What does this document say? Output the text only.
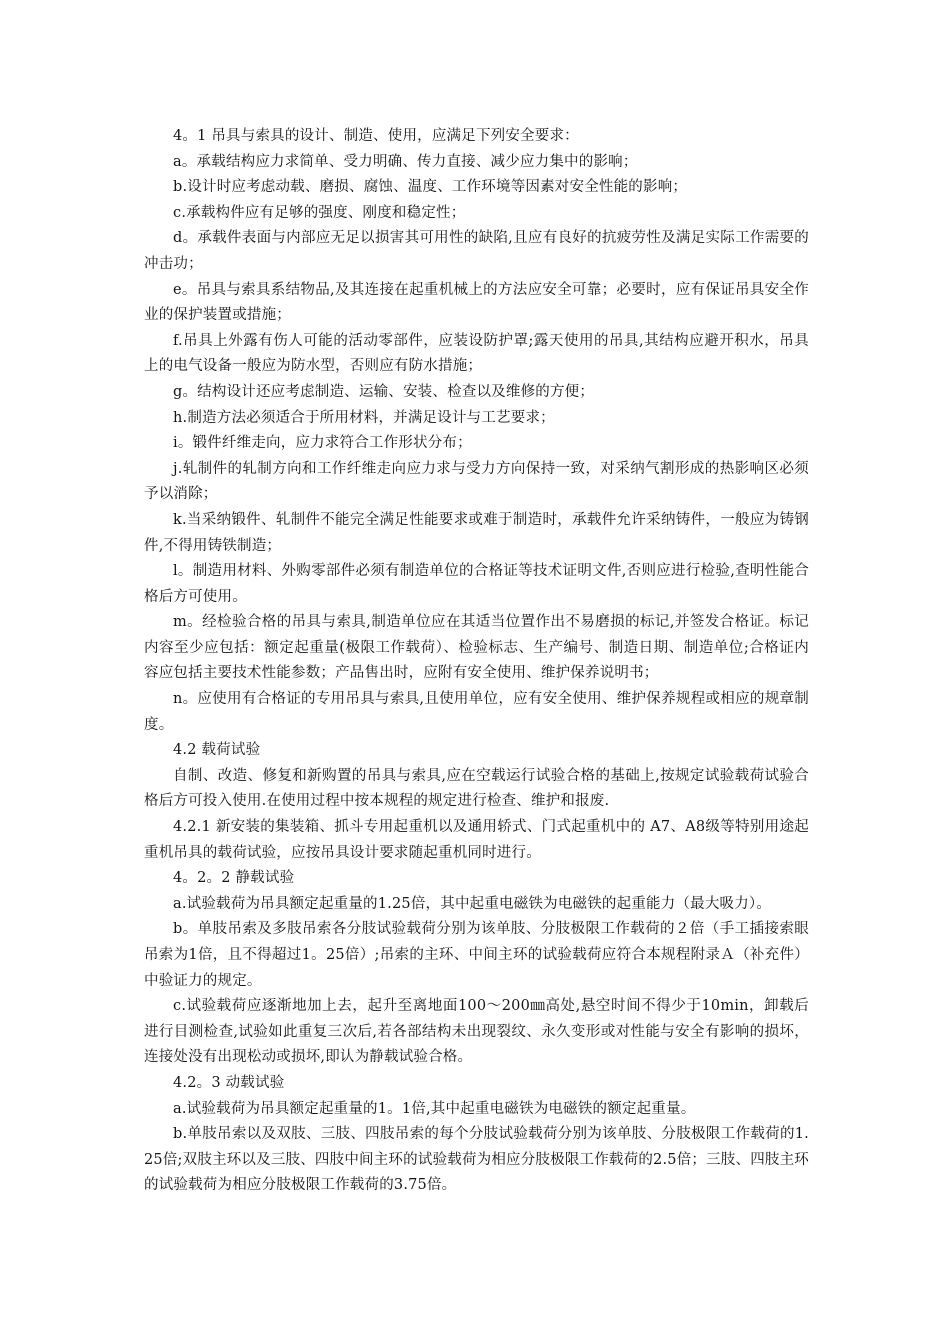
4。1 吊具与索具的设计、制造、使用，应满足下列安全要求：

a。承载结构应力求简单、受力明确、传力直接、减少应力集中的影响；

b.设计时应考虑动载、磨损、腐蚀、温度、工作环境等因素对安全性能的影响；

c.承载构件应有足够的强度、刚度和稳定性；

d。承载件表面与内部应无足以损害其可用性的缺陷,且应有良好的抗疲劳性及满足实际工作需要的冲击功；

e。吊具与索具系结物品,及其连接在起重机械上的方法应安全可靠；必要时，应有保证吊具安全作业的保护装置或措施；

f.吊具上外露有伤人可能的活动零部件，应装设防护罩;露天使用的吊具,其结构应避开积水，吊具上的电气设备一般应为防水型，否则应有防水措施；

g。结构设计还应考虑制造、运输、安装、检查以及维修的方便；

h.制造方法必须适合于所用材料，并满足设计与工艺要求；

i。锻件纤维走向，应力求符合工作形状分布；

j.轧制件的轧制方向和工作纤维走向应力求与受力方向保持一致，对采纳气割形成的热影响区必须予以消除；

k.当采纳锻件、轧制件不能完全满足性能要求或难于制造时，承载件允许采纳铸件，一般应为铸钢件,不得用铸铁制造；

l。制造用材料、外购零部件必须有制造单位的合格证等技术证明文件,否则应进行检验,查明性能合格后方可使用。

m。经检验合格的吊具与索具,制造单位应在其适当位置作出不易磨损的标记,并签发合格证。标记内容至少应包括：额定起重量(极限工作载荷）、检验标志、生产编号、制造日期、制造单位;合格证内容应包括主要技术性能参数；产品售出时，应附有安全使用、维护保养说明书；

n。应使用有合格证的专用吊具与索具,且使用单位，应有安全使用、维护保养规程或相应的规章制度。

4.2 载荷试验

自制、改造、修复和新购置的吊具与索具,应在空载运行试验合格的基础上,按规定试验载荷试验合格后方可投入使用.在使用过程中按本规程的规定进行检查、维护和报废.

4.2.1 新安装的集装箱、抓斗专用起重机以及通用轿式、门式起重机中的 A7、A8级等特别用途起重机吊具的载荷试验，应按吊具设计要求随起重机同时进行。

4。2。2 静载试验

a.试验载荷为吊具额定起重量的1.25倍，其中起重电磁铁为电磁铁的起重能力（最大吸力）。

b。单肢吊索及多肢吊索各分肢试验载荷分别为该单肢、分肢极限工作载荷的２倍（手工插接索眼吊索为1倍，且不得超过1。25倍）;吊索的主环、中间主环的试验载荷应符合本规程附录Ａ（补充件）中验证力的规定。

c.试验载荷应逐渐地加上去，起升至离地面100～200㎜高处,悬空时间不得少于10min，卸载后进行目测检查,试验如此重复三次后,若各部结构未出现裂纹、永久变形或对性能与安全有影响的损坏，连接处没有出现松动或损坏,即认为静载试验合格。

4.2。3 动载试验

a.试验载荷为吊具额定起重量的1。1倍,其中起重电磁铁为电磁铁的额定起重量。

b.单肢吊索以及双肢、三肢、四肢吊索的每个分肢试验载荷分别为该单肢、分肢极限工作载荷的1.25倍;双肢主环以及三肢、四肢中间主环的试验载荷为相应分肢极限工作载荷的2.5倍；三肢、四肢主环的试验载荷为相应分肢极限工作载荷的3.75倍。
